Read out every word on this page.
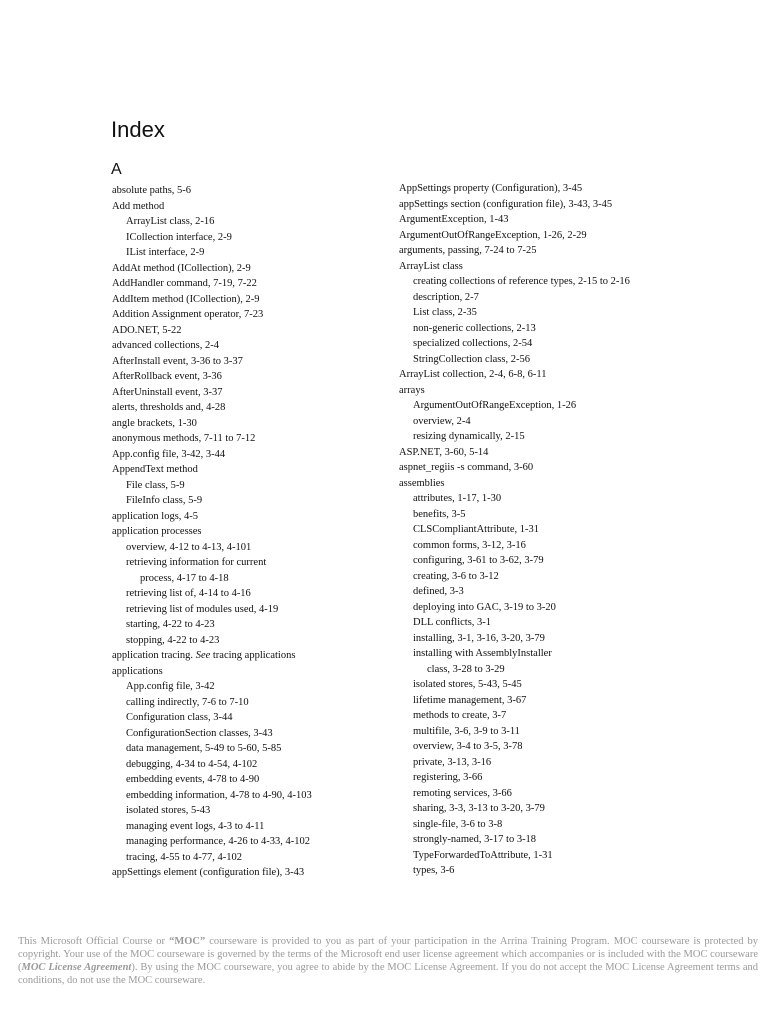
Index
A
absolute paths, 5-6
Add method
ArrayList class, 2-16
ICollection interface, 2-9
IList interface, 2-9
AddAt method (ICollection), 2-9
AddHandler command, 7-19, 7-22
AddItem method (ICollection), 2-9
Addition Assignment operator, 7-23
ADO.NET, 5-22
advanced collections, 2-4
AfterInstall event, 3-36 to 3-37
AfterRollback event, 3-36
AfterUninstall event, 3-37
alerts, thresholds and, 4-28
angle brackets, 1-30
anonymous methods, 7-11 to 7-12
App.config file, 3-42, 3-44
AppendText method
File class, 5-9
FileInfo class, 5-9
application logs, 4-5
application processes
overview, 4-12 to 4-13, 4-101
retrieving information for current
process, 4-17 to 4-18
retrieving list of, 4-14 to 4-16
retrieving list of modules used, 4-19
starting, 4-22 to 4-23
stopping, 4-22 to 4-23
application tracing. See tracing applications
applications
App.config file, 3-42
calling indirectly, 7-6 to 7-10
Configuration class, 3-44
ConfigurationSection classes, 3-43
data management, 5-49 to 5-60, 5-85
debugging, 4-34 to 4-54, 4-102
embedding events, 4-78 to 4-90
embedding information, 4-78 to 4-90, 4-103
isolated stores, 5-43
managing event logs, 4-3 to 4-11
managing performance, 4-26 to 4-33, 4-102
tracing, 4-55 to 4-77, 4-102
appSettings element (configuration file), 3-43
AppSettings property (Configuration), 3-45
appSettings section (configuration file), 3-43, 3-45
ArgumentException, 1-43
ArgumentOutOfRangeException, 1-26, 2-29
arguments, passing, 7-24 to 7-25
ArrayList class
creating collections of reference types, 2-15 to 2-16
description, 2-7
List class, 2-35
non-generic collections, 2-13
specialized collections, 2-54
StringCollection class, 2-56
ArrayList collection, 2-4, 6-8, 6-11
arrays
ArgumentOutOfRangeException, 1-26
overview, 2-4
resizing dynamically, 2-15
ASP.NET, 3-60, 5-14
aspnet_regiis -s command, 3-60
assemblies
attributes, 1-17, 1-30
benefits, 3-5
CLSCompliantAttribute, 1-31
common forms, 3-12, 3-16
configuring, 3-61 to 3-62, 3-79
creating, 3-6 to 3-12
defined, 3-3
deploying into GAC, 3-19 to 3-20
DLL conflicts, 3-1
installing, 3-1, 3-16, 3-20, 3-79
installing with AssemblyInstaller
class, 3-28 to 3-29
isolated stores, 5-43, 5-45
lifetime management, 3-67
methods to create, 3-7
multifile, 3-6, 3-9 to 3-11
overview, 3-4 to 3-5, 3-78
private, 3-13, 3-16
registering, 3-66
remoting services, 3-66
sharing, 3-3, 3-13 to 3-20, 3-79
single-file, 3-6 to 3-8
strongly-named, 3-17 to 3-18
TypeForwardedToAttribute, 1-31
types, 3-6
This Microsoft Official Course or “MOC” courseware is provided to you as part of your participation in the Arrina Training Program. MOC courseware is protected by copyright. Your use of the MOC courseware is governed by the terms of the Microsoft end user license agreement which accompanies or is included with the MOC courseware (MOC License Agreement). By using the MOC courseware, you agree to abide by the MOC License Agreement. If you do not accept the MOC License Agreement terms and conditions, do not use the MOC courseware.
